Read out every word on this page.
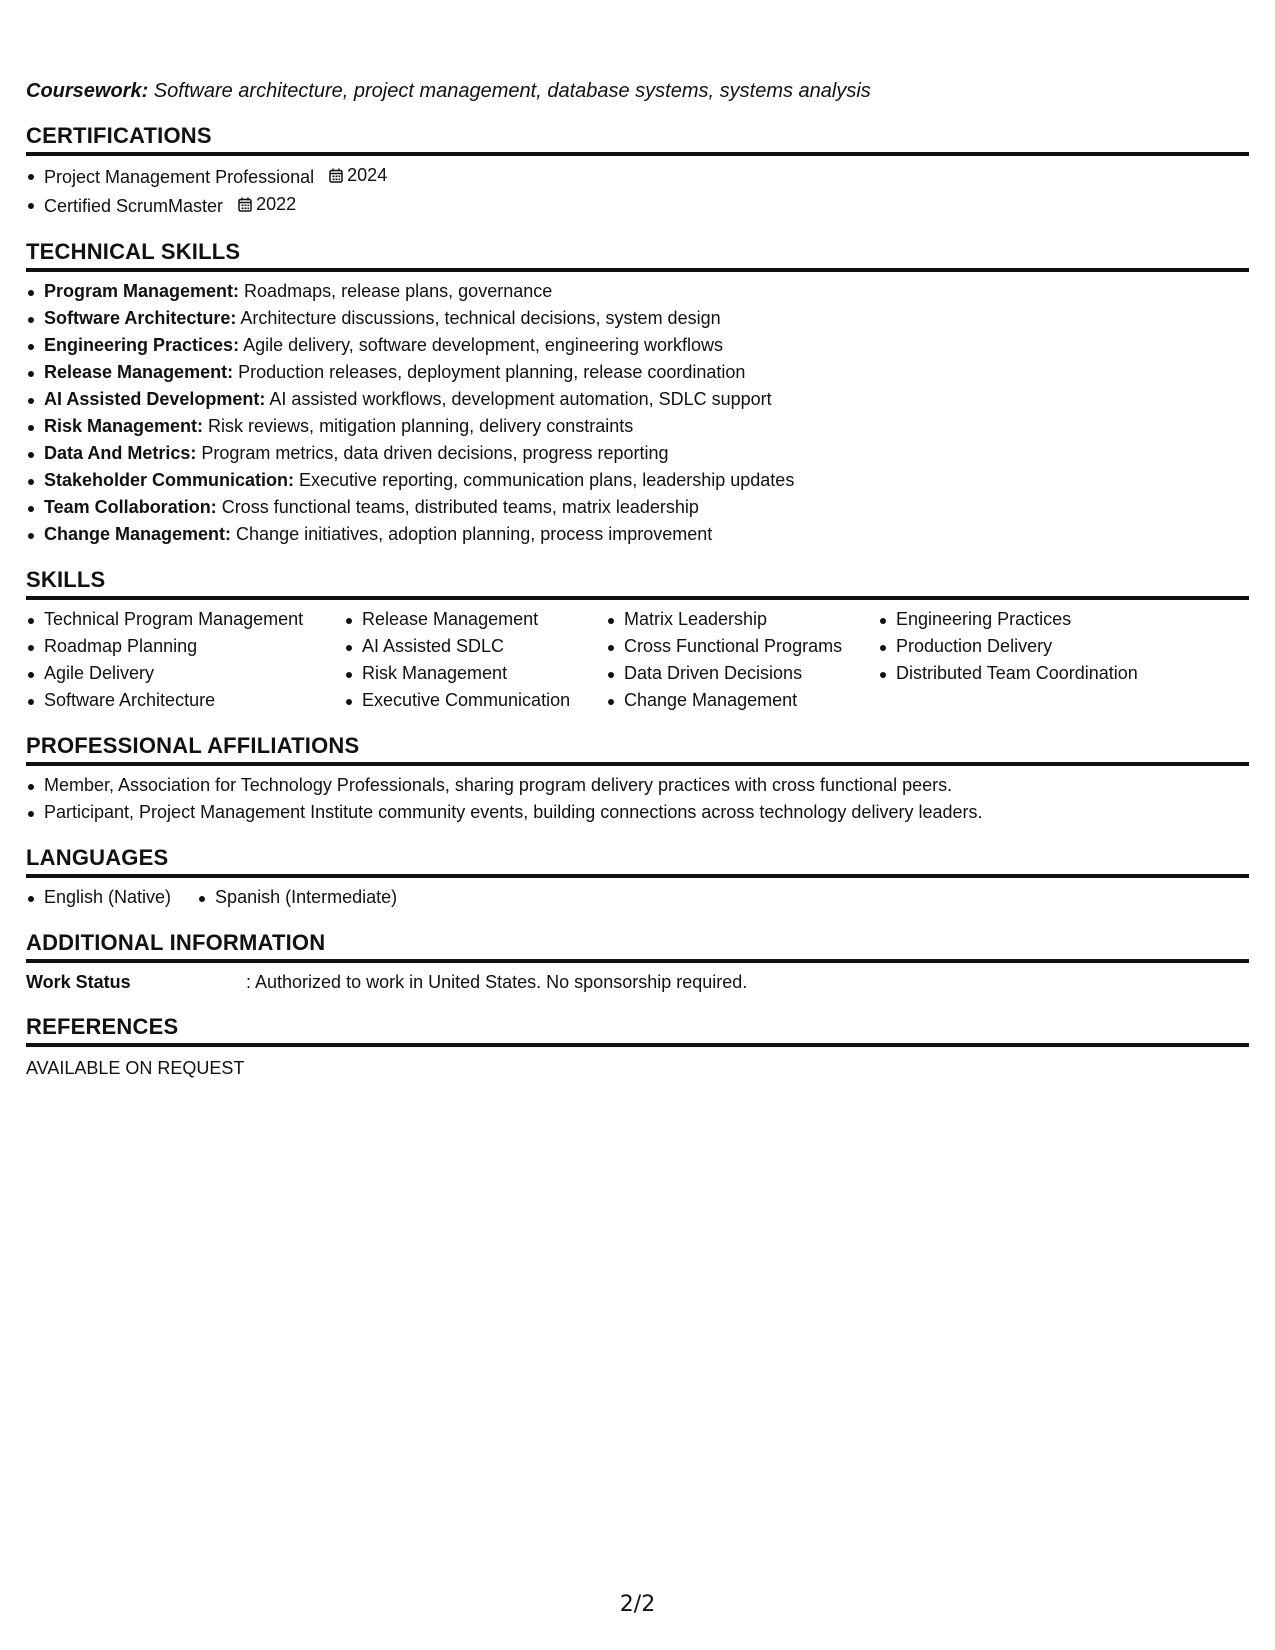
Coursework: Software architecture, project management, database systems, systems analysis

CERTIFICATIONS
Project Management Professional 2024
Certified ScrumMaster 2022
TECHNICAL SKILLS
Program Management: Roadmaps, release plans, governance
Software Architecture: Architecture discussions, technical decisions, system design
Engineering Practices: Agile delivery, software development, engineering workflows
Release Management: Production releases, deployment planning, release coordination
AI Assisted Development: AI assisted workflows, development automation, SDLC support
Risk Management: Risk reviews, mitigation planning, delivery constraints
Data And Metrics: Program metrics, data driven decisions, progress reporting
Stakeholder Communication: Executive reporting, communication plans, leadership updates
Team Collaboration: Cross functional teams, distributed teams, matrix leadership
Change Management: Change initiatives, adoption planning, process improvement
SKILLS
Technical Program Management
Roadmap Planning
Agile Delivery
Software Architecture
Release Management
AI Assisted SDLC
Risk Management
Executive Communication
Matrix Leadership
Cross Functional Programs
Data Driven Decisions
Change Management
Engineering Practices
Production Delivery
Distributed Team Coordination
PROFESSIONAL AFFILIATIONS
Member, Association for Technology Professionals, sharing program delivery practices with cross functional peers.
Participant, Project Management Institute community events, building connections across technology delivery leaders.
LANGUAGES
English (Native)	Spanish (Intermediate)
ADDITIONAL INFORMATION
Work Status	: Authorized to work in United States. No sponsorship required.
REFERENCES
AVAILABLE ON REQUEST
2/2
